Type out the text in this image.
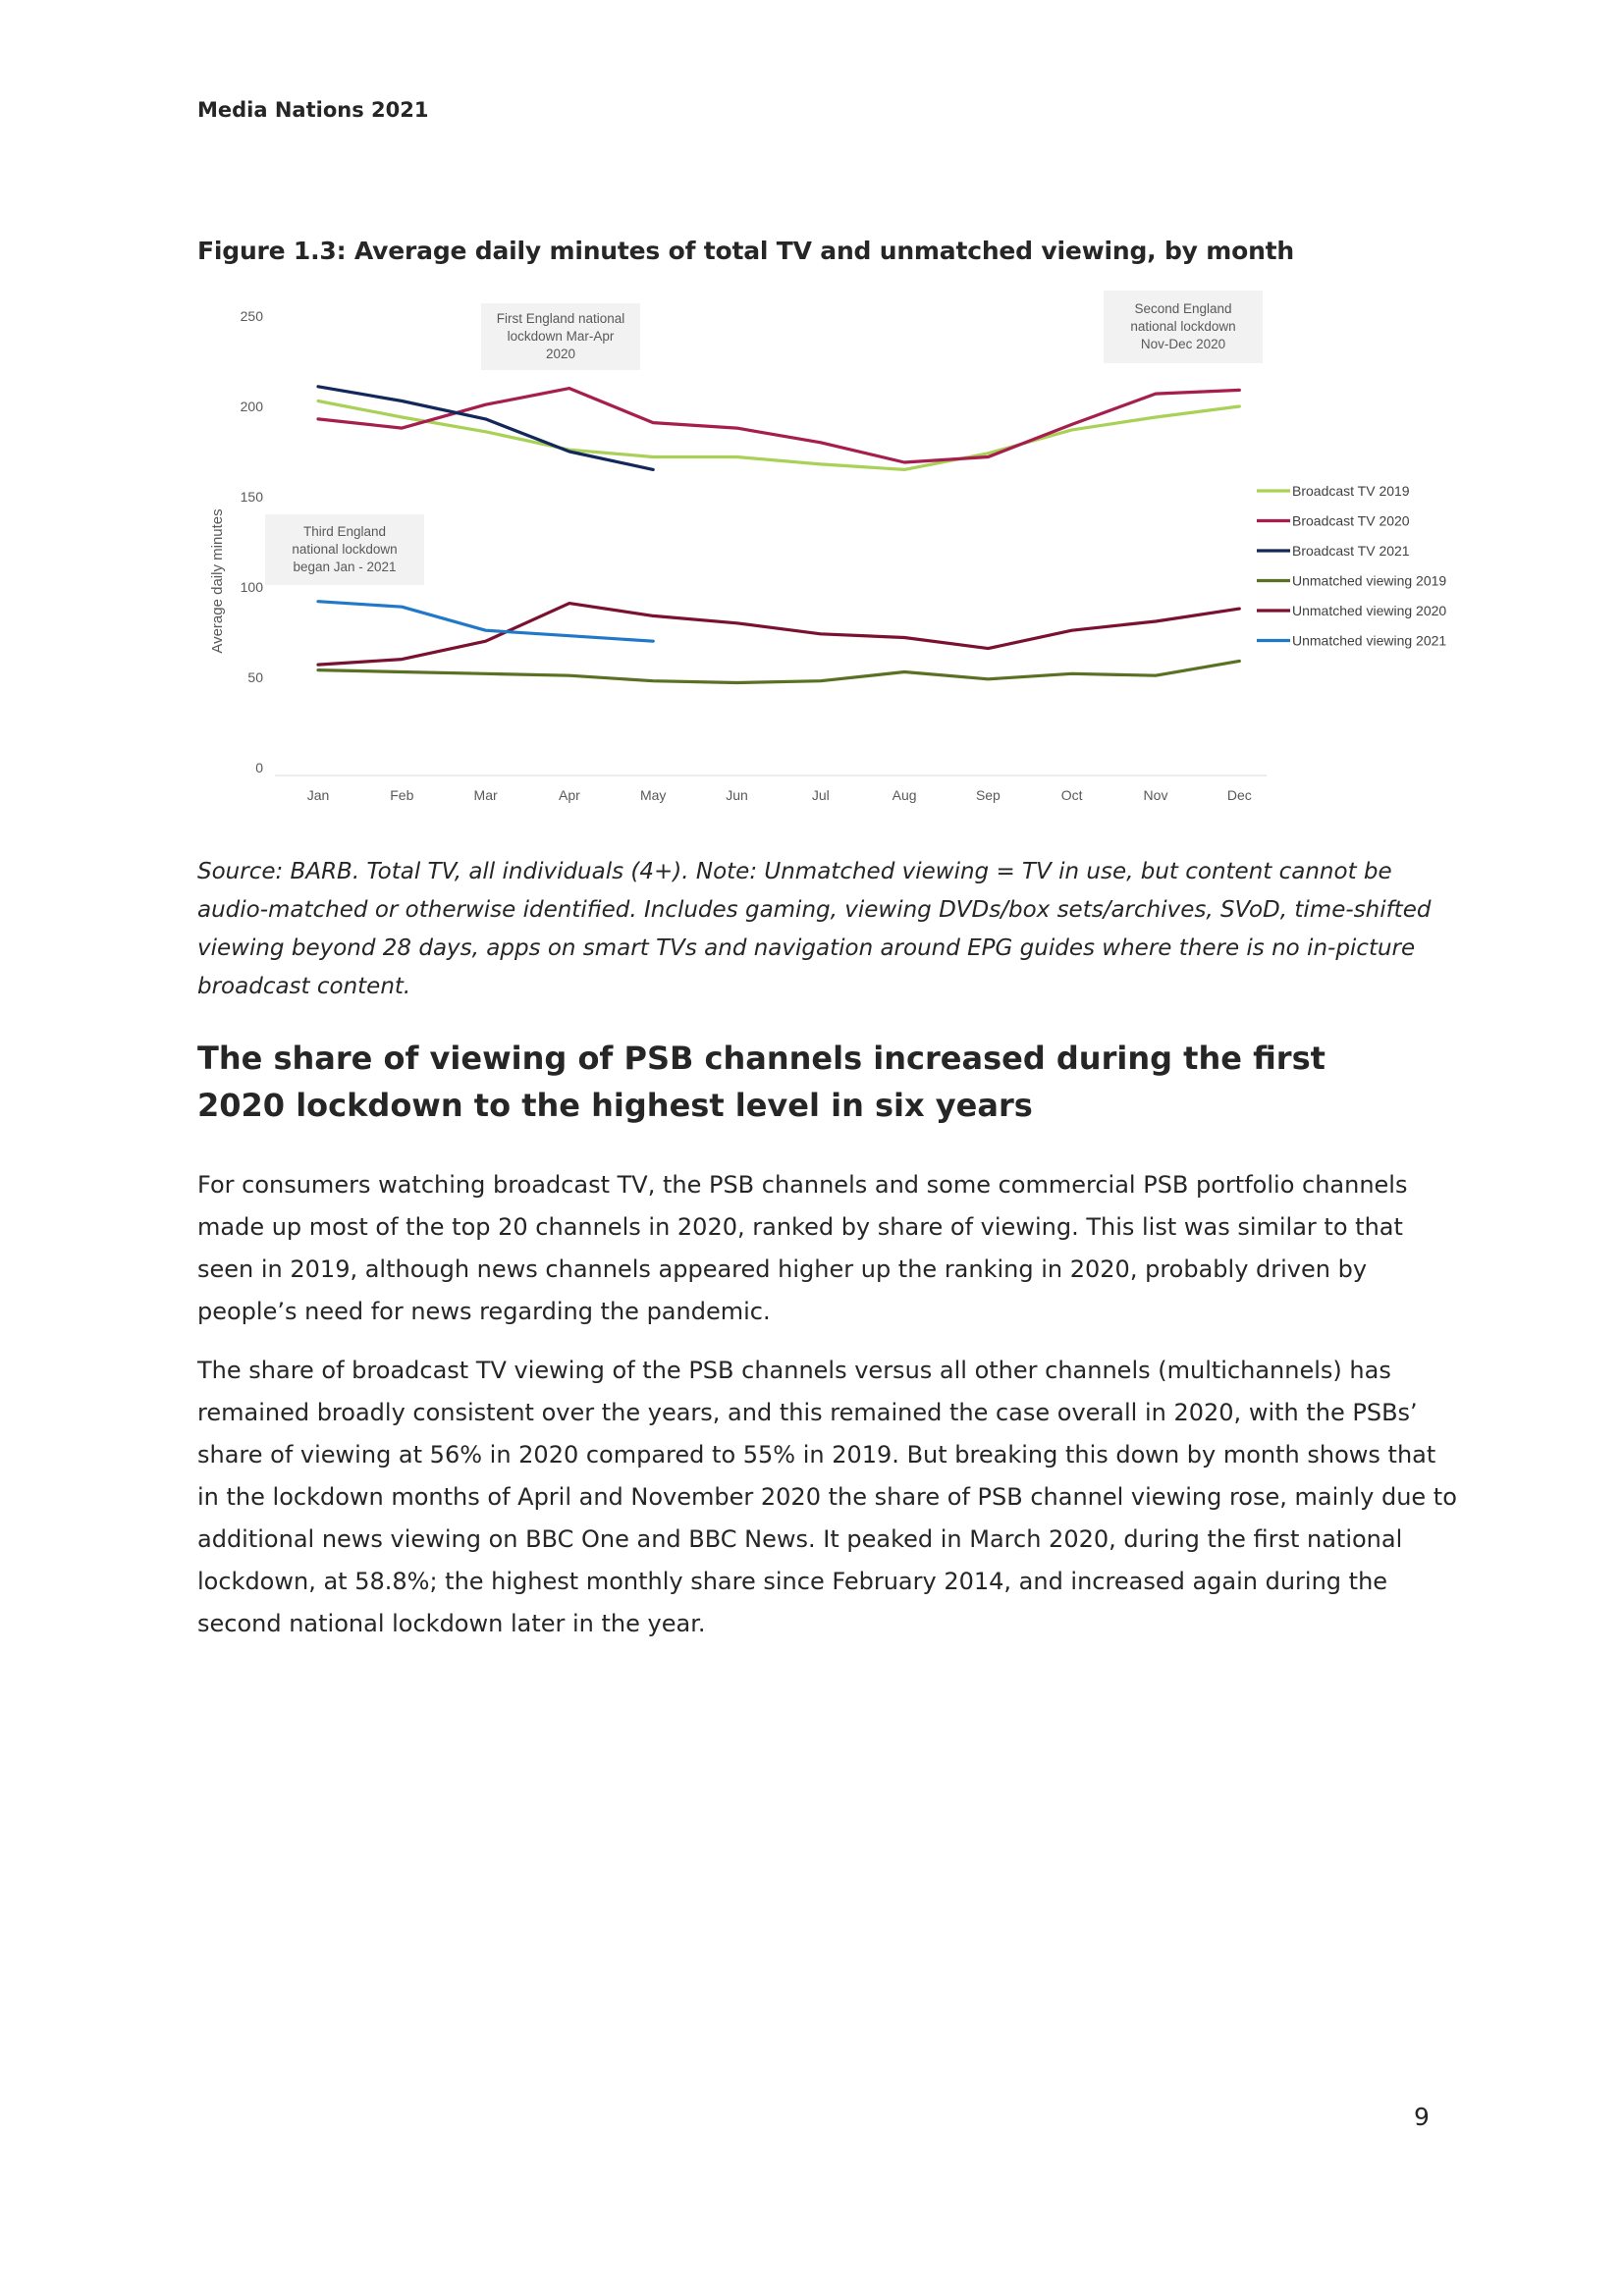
Media Nations 2021
Figure 1.3: Average daily minutes of total TV and unmatched viewing, by month
0
50
100
150
200
250
Average daily minutes
Jan	Feb	Mar	Apr	May	Jun	Jul	Aug	Sep	Oct	Nov	Dec
First England national
lockdown Mar-Apr
2020
Second England
national lockdown
Nov-Dec 2020
Third England
national lockdown
began Jan - 2021
Broadcast TV 2019
Broadcast TV 2020
Broadcast TV 2021
Unmatched viewing 2019
Unmatched viewing 2020
Unmatched viewing 2021
Source: BARB. Total TV, all individuals (4+). Note: Unmatched viewing = TV in use, but content cannot be audio-matched or otherwise identified. Includes gaming, viewing DVDs/box sets/archives, SVoD, time-shifted viewing beyond 28 days, apps on smart TVs and navigation around EPG guides where there is no in-picture broadcast content.
The share of viewing of PSB channels increased during the first 2020 lockdown to the highest level in six years

For consumers watching broadcast TV, the PSB channels and some commercial PSB portfolio channels made up most of the top 20 channels in 2020, ranked by share of viewing. This list was similar to that seen in 2019, although news channels appeared higher up the ranking in 2020, probably driven by people’s need for news regarding the pandemic.

The share of broadcast TV viewing of the PSB channels versus all other channels (multichannels) has remained broadly consistent over the years, and this remained the case overall in 2020, with the PSBs’ share of viewing at 56% in 2020 compared to 55% in 2019. But breaking this down by month shows that in the lockdown months of April and November 2020 the share of PSB channel viewing rose, mainly due to additional news viewing on BBC One and BBC News. It peaked in March 2020, during the first national lockdown, at 58.8%; the highest monthly share since February 2014, and increased again during the second national lockdown later in the year.

9
